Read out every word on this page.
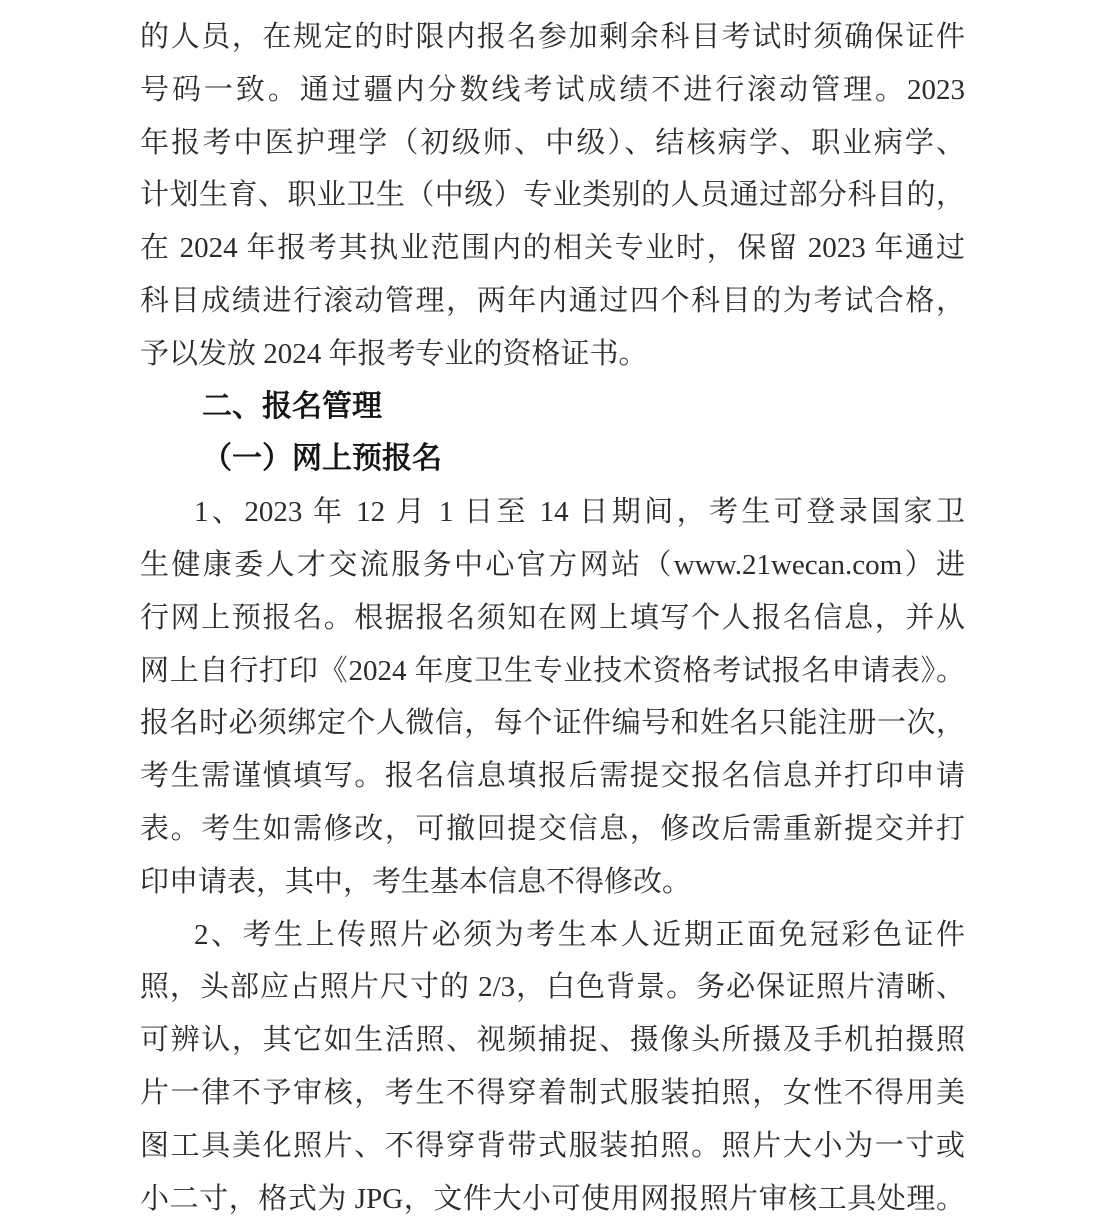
的人员，在规定的时限内报名参加剩余科目考试时须确保证件
号码一致。通过疆内分数线考试成绩不进行滚动管理。2023
年报考中医护理学（初级师、中级）、结核病学、职业病学、
计划生育、职业卫生（中级）专业类别的人员通过部分科目的，
在 2024 年报考其执业范围内的相关专业时，保留 2023 年通过
科目成绩进行滚动管理，两年内通过四个科目的为考试合格，
予以发放 2024 年报考专业的资格证书。
二、报名管理
（一）网上预报名
1、2023 年 12 月 1 日至 14 日期间，考生可登录国家卫
生健康委人才交流服务中心官方网站（www.21wecan.com）进
行网上预报名。根据报名须知在网上填写个人报名信息，并从
网上自行打印《2024 年度卫生专业技术资格考试报名申请表》。
报名时必须绑定个人微信，每个证件编号和姓名只能注册一次，
考生需谨慎填写。报名信息填报后需提交报名信息并打印申请
表。考生如需修改，可撤回提交信息，修改后需重新提交并打
印申请表，其中，考生基本信息不得修改。
2、考生上传照片必须为考生本人近期正面免冠彩色证件
照，头部应占照片尺寸的 2/3，白色背景。务必保证照片清晰、
可辨认，其它如生活照、视频捕捉、摄像头所摄及手机拍摄照
片一律不予审核，考生不得穿着制式服装拍照，女性不得用美
图工具美化照片、不得穿背带式服装拍照。照片大小为一寸或
小二寸，格式为 JPG，文件大小可使用网报照片审核工具处理。
